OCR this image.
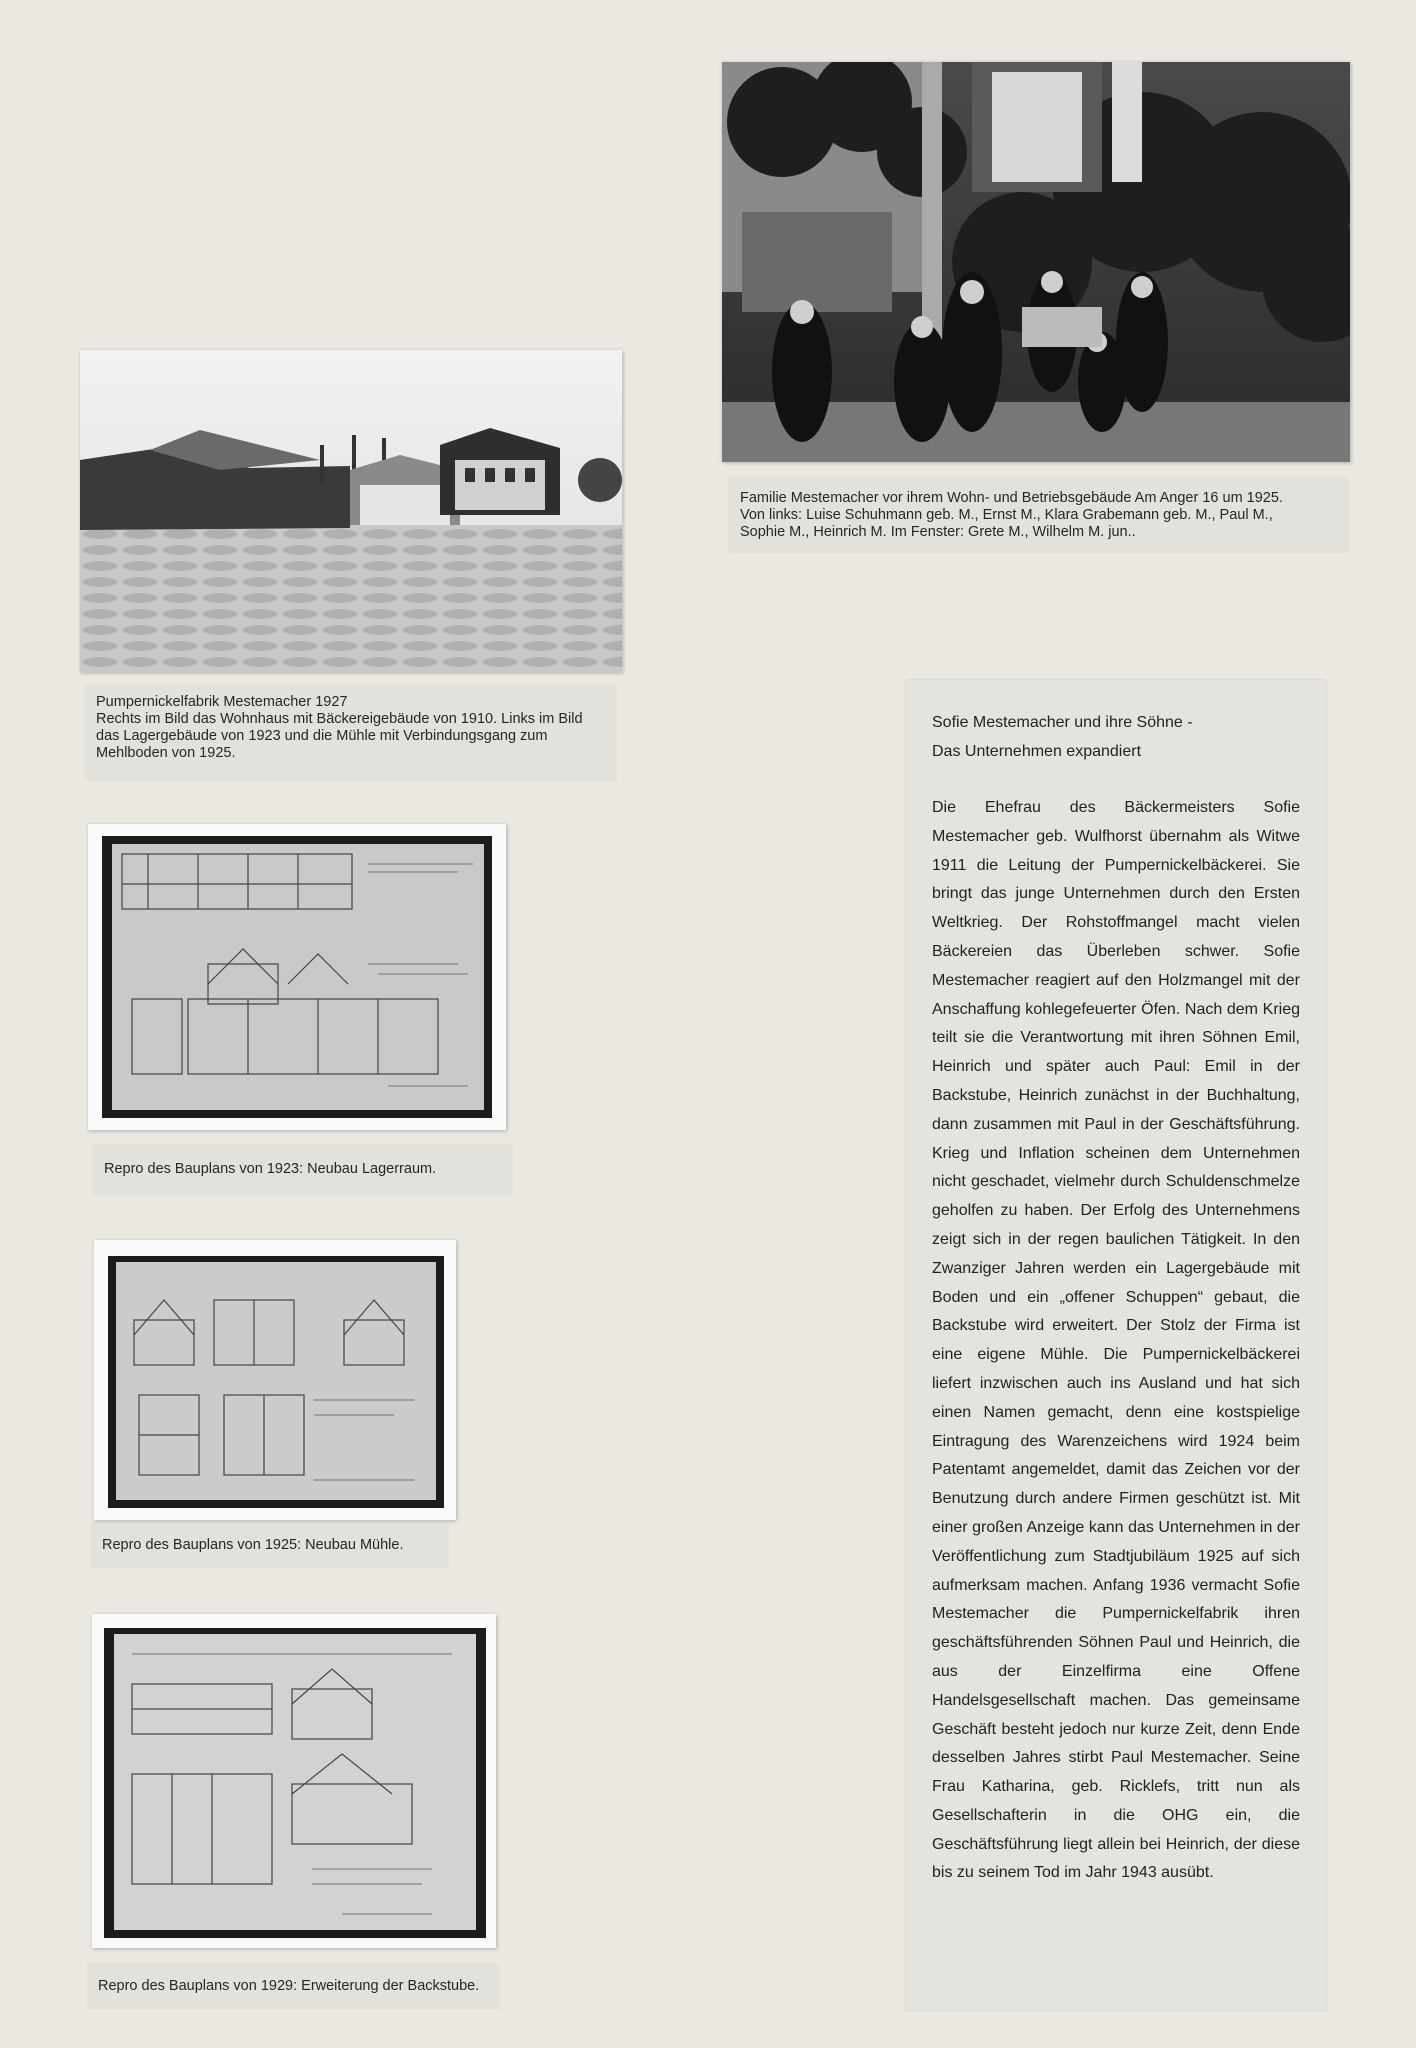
Familie Mestemacher vor ihrem Wohn- und Betriebsgebäude Am Anger 16 um 1925.

Von links: Luise Schuhmann geb. M., Ernst M., Klara Grabemann geb. M., Paul M.,

Sophie M., Heinrich M. Im Fenster: Grete M., Wilhelm M. jun..

Pumpernickelfabrik Mestemacher 1927

Rechts im Bild das Wohnhaus mit Bäckereigebäude von 1910. Links im Bild das Lagergebäude von 1923 und die Mühle mit Verbindungsgang zum Mehlboden von 1925.

Repro des Bauplans von 1923: Neubau Lagerraum.

Repro des Bauplans von 1925: Neubau Mühle.

Repro des Bauplans von 1929: Erweiterung der Backstube.

Sofie Mestemacher und ihre Söhne -
Das Unternehmen expandiert
Die Ehefrau des Bäckermeisters Sofie Mestemacher geb. Wulfhorst übernahm als Witwe 1911 die Leitung der Pumpernickelbäckerei. Sie bringt das junge Unternehmen durch den Ersten Weltkrieg. Der Rohstoffmangel macht vielen Bäckereien das Überleben schwer. Sofie Mestemacher reagiert auf den Holzmangel mit der Anschaffung kohlegefeuerter Öfen. Nach dem Krieg teilt sie die Verantwortung mit ihren Söhnen Emil, Heinrich und später auch Paul: Emil in der Backstube, Heinrich zunächst in der Buchhaltung, dann zusammen mit Paul in der Geschäftsführung. Krieg und Inflation scheinen dem Unternehmen nicht geschadet, vielmehr durch Schuldenschmelze geholfen zu haben. Der Erfolg des Unternehmens zeigt sich in der regen baulichen Tätigkeit. In den Zwanziger Jahren werden ein Lagergebäude mit Boden und ein „offener Schuppen“ gebaut, die Backstube wird erweitert. Der Stolz der Firma ist eine eigene Mühle. Die Pumpernickelbäckerei liefert inzwischen auch ins Ausland und hat sich einen Namen gemacht, denn eine kostspielige Eintragung des Warenzeichens wird 1924 beim Patentamt angemeldet, damit das Zeichen vor der Benutzung durch andere Firmen geschützt ist. Mit einer großen Anzeige kann das Unternehmen in der Veröffentlichung zum Stadtjubiläum 1925 auf sich aufmerksam machen. Anfang 1936 vermacht Sofie Mestemacher die Pumpernickelfabrik ihren geschäftsführenden Söhnen Paul und Heinrich, die aus der Einzelfirma eine Offene Handelsgesellschaft machen. Das gemeinsame Geschäft besteht jedoch nur kurze Zeit, denn Ende desselben Jahres stirbt Paul Mestemacher. Seine Frau Katharina, geb. Ricklefs, tritt nun als Gesellschafterin in die OHG ein, die Geschäftsführung liegt allein bei Heinrich, der diese bis zu seinem Tod im Jahr 1943 ausübt.
